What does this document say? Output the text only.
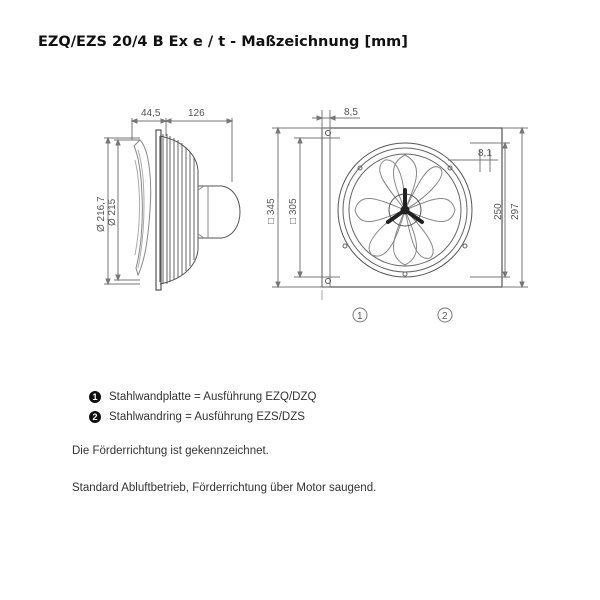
EZQ/EZS 20/4 B Ex e / t - Maßzeichnung [mm]
44,5	126
Ø 216,7 Ø 215
8,5
8,1
□ 345 □ 305	250 297
1	2
1	Stahlwandplatte = Ausführung EZQ/DZQ
2	Stahlwandring = Ausführung EZS/DZS
Die Förderrichtung ist gekennzeichnet.
Standard Abluftbetrieb, Förderrichtung über Motor saugend.
